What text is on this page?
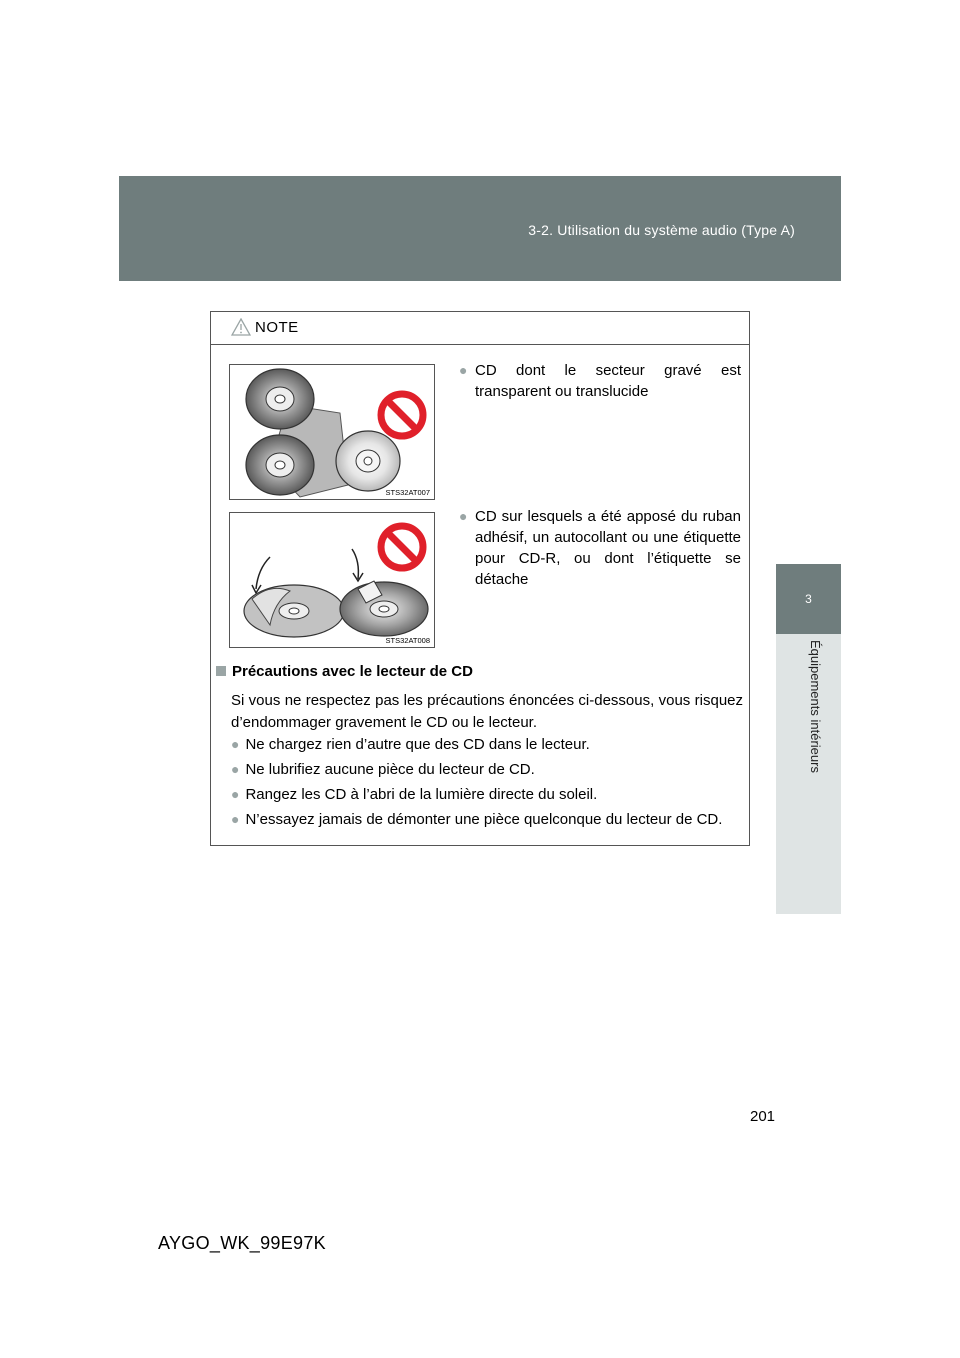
3-2. Utilisation du système audio (Type A)
3
Équipements intérieurs
NOTE
STS32AT007
STS32AT008
● CD dont le secteur gravé est transparent ou translucide
● CD sur lesquels a été apposé du ruban adhésif, un autocollant ou une étiquette pour CD-R, ou dont l’étiquette se détache
Précautions avec le lecteur de CD
Si vous ne respectez pas les précautions énoncées ci-dessous, vous risquez d’endommager gravement le CD ou le lecteur.
● Ne chargez rien d’autre que des CD dans le lecteur.
● Ne lubrifiez aucune pièce du lecteur de CD.
● Rangez les CD à l’abri de la lumière directe du soleil.
● N’essayez jamais de démonter une pièce quelconque du lecteur de CD.
201
AYGO_WK_99E97K
